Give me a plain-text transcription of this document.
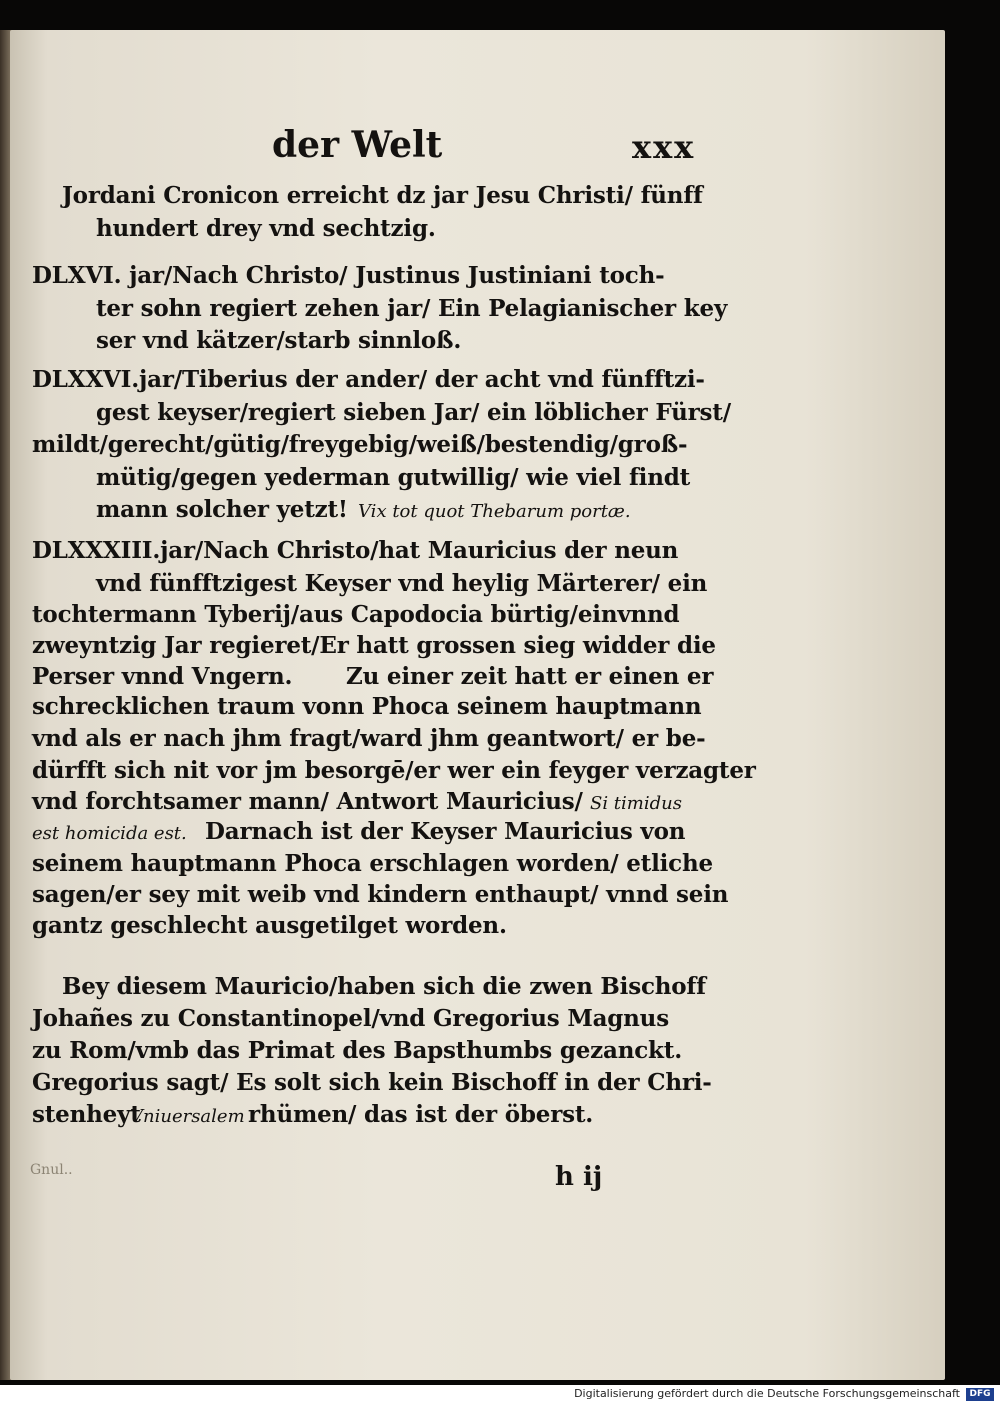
der Welt	xxx
Jordani Cronicon erreicht dz jar Jesu Christi/ fünff
hundert drey vnd sechtzig.
DLXVI. jar/Nach Christo/ Justinus Justiniani toch-
ter sohn regiert zehen jar/ Ein Pelagianischer key
ser vnd kätzer/starb sinnloß.
DLXXVI.jar/Tiberius der ander/ der acht vnd fünfftzi-
gest keyser/regiert sieben Jar/ ein löblicher Fürst/
mildt/gerecht/gütig/freygebig/weiß/bestendig/groß-
mütig/gegen yederman gutwillig/ wie viel findt
mann solcher yetzt! Vix tot quot Thebarum portæ.
DLXXXIII.jar/Nach Christo/hat Mauricius der neun
vnd fünfftzigest Keyser vnd heylig Märterer/ ein
tochtermann Tyberij/aus Capodocia bürtig/einvnnd
zweyntzig Jar regieret/Er hatt grossen sieg widder die
Perser vnnd Vngern. Zu einer zeit hatt er einen er
schrecklichen traum vonn Phoca seinem hauptmann
vnd als er nach jhm fragt/ward jhm geantwort/ er be-
dürfft sich nit vor jm besorgē/er wer ein feyger verzagter
vnd forchtsamer mann/ Antwort Mauricius/ Si timidus
est homicida est. Darnach ist der Keyser Mauricius von
seinem hauptmann Phoca erschlagen worden/ etliche
sagen/er sey mit weib vnd kindern enthaupt/ vnnd sein
gantz geschlecht ausgetilget worden.
Bey diesem Mauricio/haben sich die zwen Bischoff
Johañes zu Constantinopel/vnd Gregorius Magnus
zu Rom/vmb das Primat des Bapsthumbs gezanckt.
Gregorius sagt/ Es solt sich kein Bischoff in der Chri-
stenheyt
Vniuersalem rhümen/ das ist der öberst.
Gnul..	h ij
Digitalisierung gefördert durch die Deutsche Forschungsgemeinschaft	DFG
